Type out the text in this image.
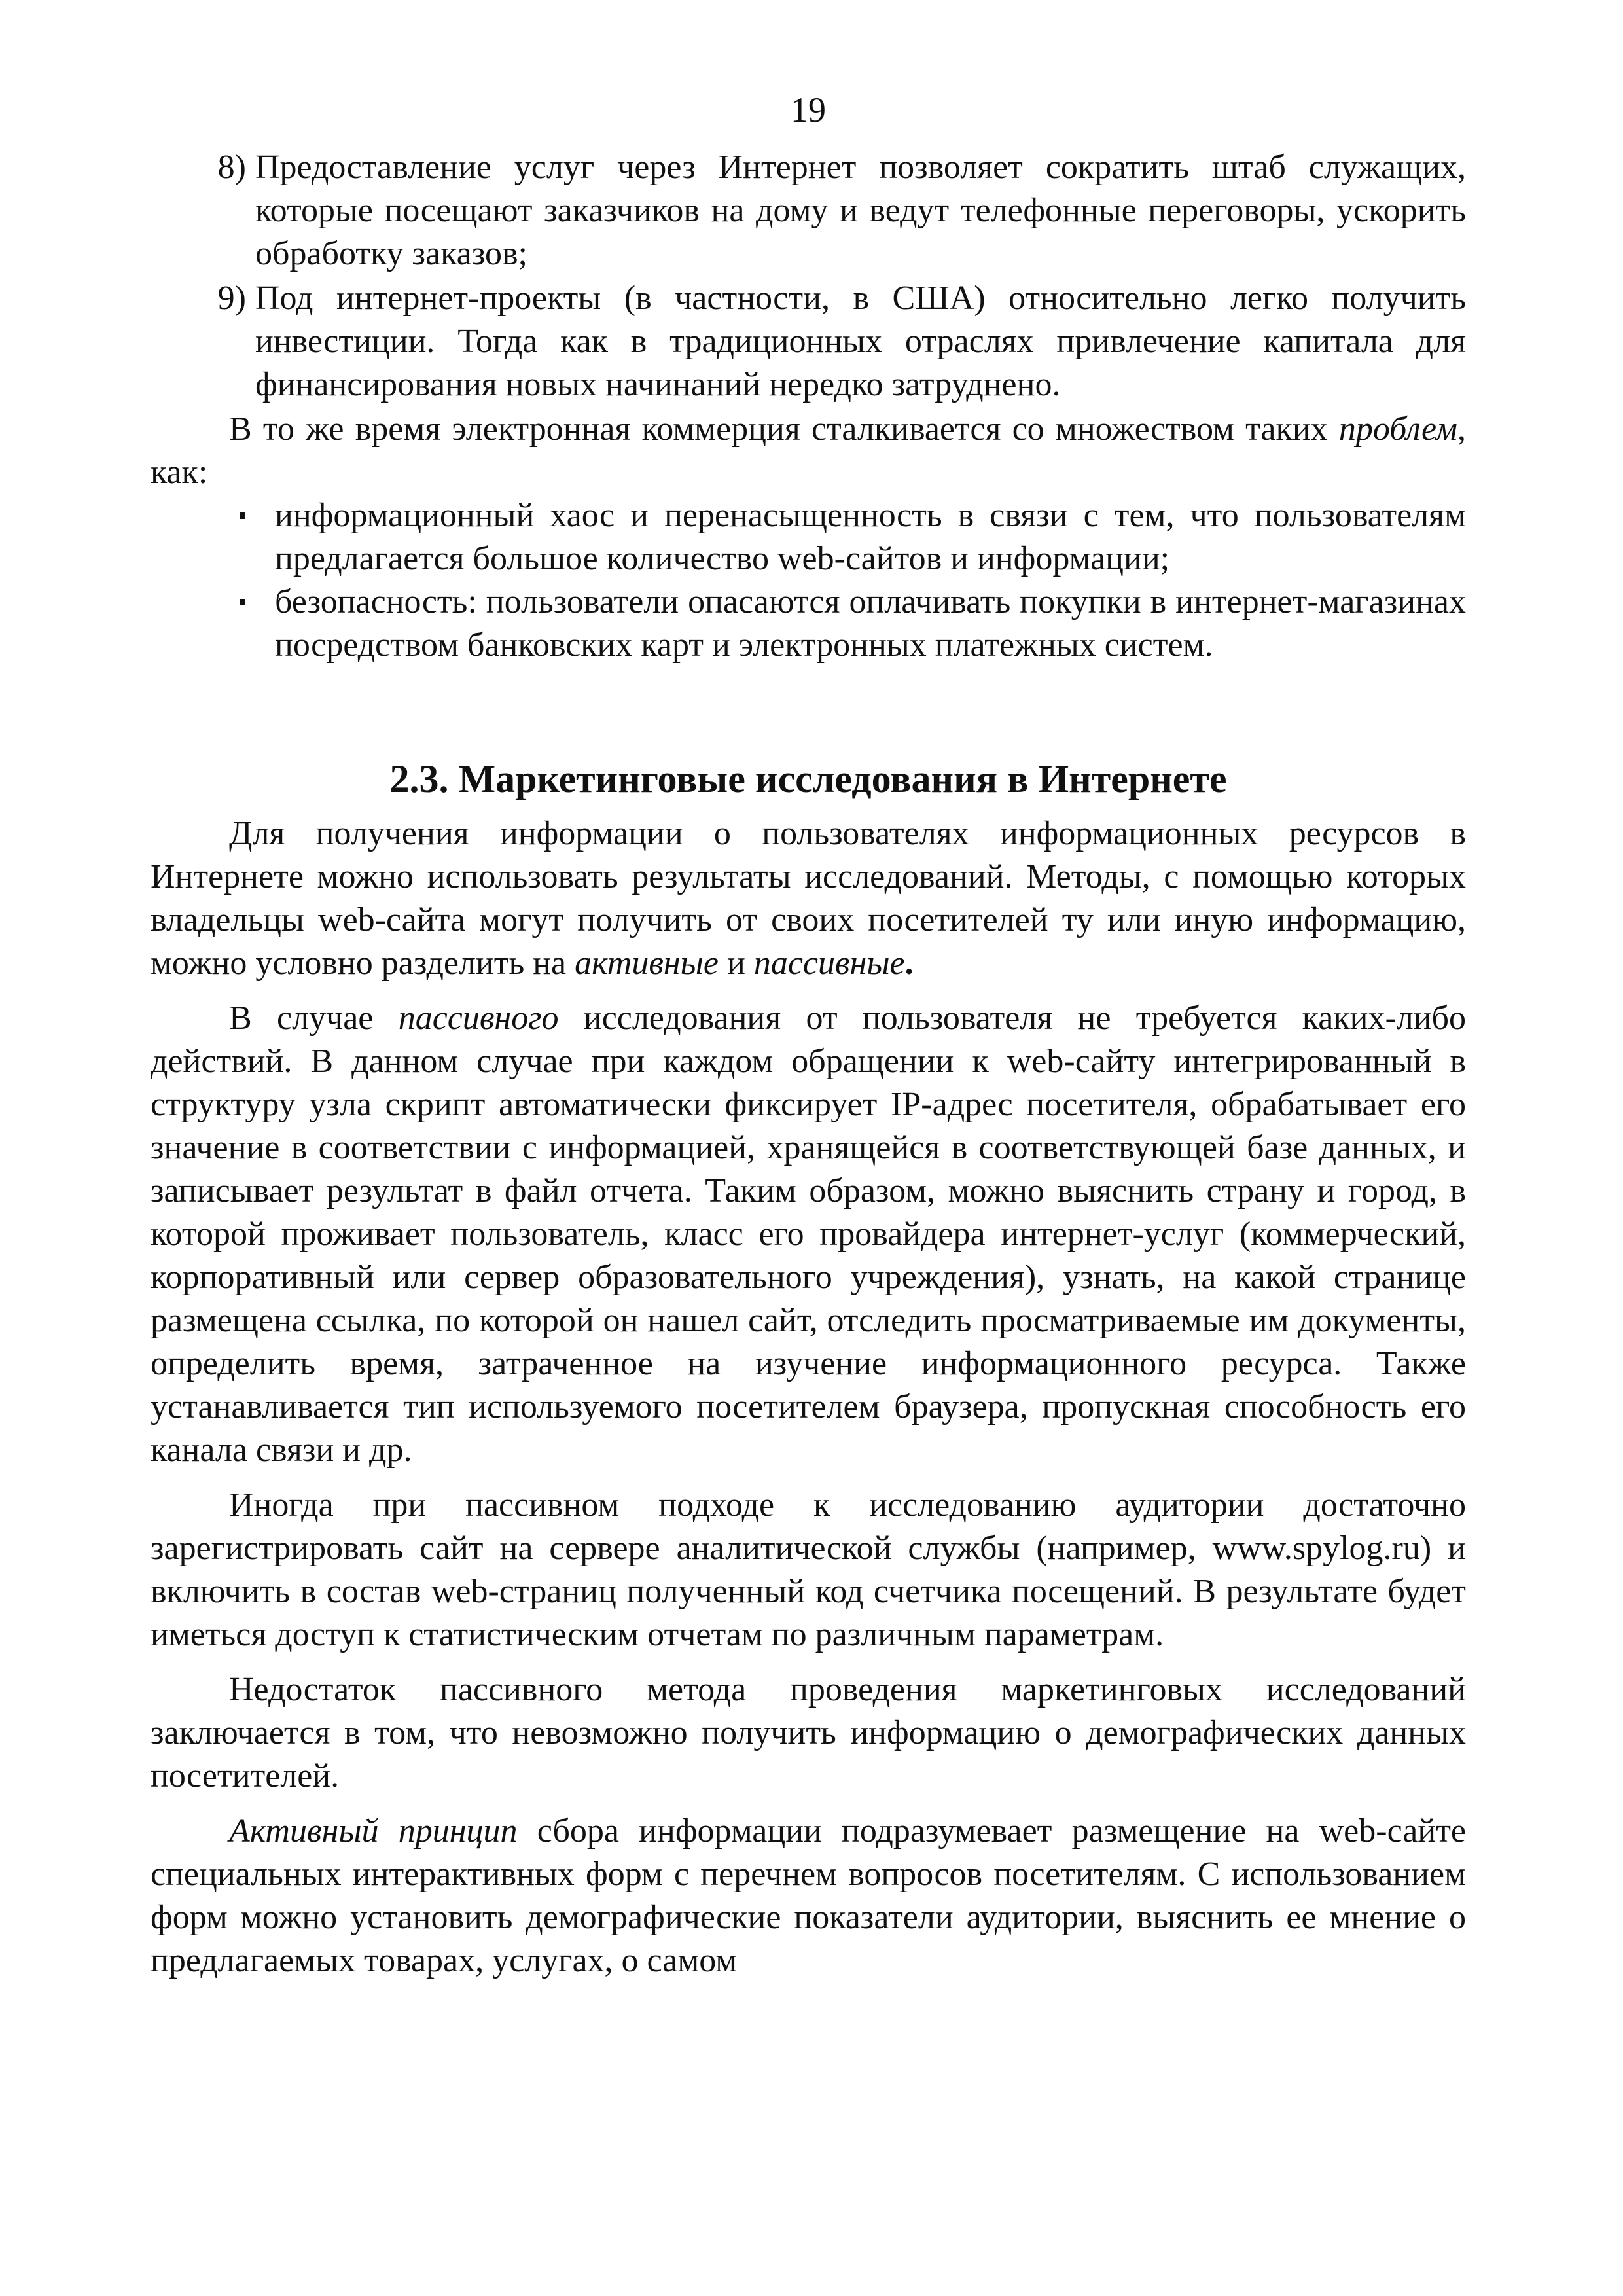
19
8) Предоставление услуг через Интернет позволяет сократить штаб служащих, которые посещают заказчиков на дому и ведут телефонные переговоры, ускорить обработку заказов;
9) Под интернет-проекты (в частности, в США) относительно легко получить инвестиции. Тогда как в традиционных отраслях привлечение капитала для финансирования новых начинаний нередко затруднено.

В то же время электронная коммерция сталкивается со множеством таких проблем, как:

информационный хаос и перенасыщенность в связи с тем, что пользователям предлагается большое количество web-сайтов и информации;
безопасность: пользователи опасаются оплачивать покупки в интернет-магазинах посредством банковских карт и электронных платежных систем.
2.3. Маркетинговые исследования в Интернете

Для получения информации о пользователях информационных ресурсов в Интернете можно использовать результаты исследований. Методы, с помощью которых владельцы web-сайта могут получить от своих посетителей ту или иную информацию, можно условно разделить на активные и пассивные.

В случае пассивного исследования от пользователя не требуется каких-либо действий. В данном случае при каждом обращении к web-сайту интегрированный в структуру узла скрипт автоматически фиксирует IP-адрес посетителя, обрабатывает его значение в соответствии с информацией, хранящейся в соответствующей базе данных, и записывает результат в файл отчета. Таким образом, можно выяснить страну и город, в которой проживает пользователь, класс его провайдера интернет-услуг (коммерческий, корпоративный или сервер образовательного учреждения), узнать, на какой странице размещена ссылка, по которой он нашел сайт, отследить просматриваемые им документы, определить время, затраченное на изучение информационного ресурса. Также устанавливается тип используемого посетителем браузера, пропускная способность его канала связи и др.

Иногда при пассивном подходе к исследованию аудитории достаточно зарегистрировать сайт на сервере аналитической службы (например, www.spylog.ru) и включить в состав web-страниц полученный код счетчика посещений. В результате будет иметься доступ к статистическим отчетам по различным параметрам.

Недостаток пассивного метода проведения маркетинговых исследований заключается в том, что невозможно получить информацию о демографических данных посетителей.

Активный принцип сбора информации подразумевает размещение на web-сайте специальных интерактивных форм с перечнем вопросов посетителям. С использованием форм можно установить демографические показатели аудитории, выяснить ее мнение о предлагаемых товарах, услугах, о самом
